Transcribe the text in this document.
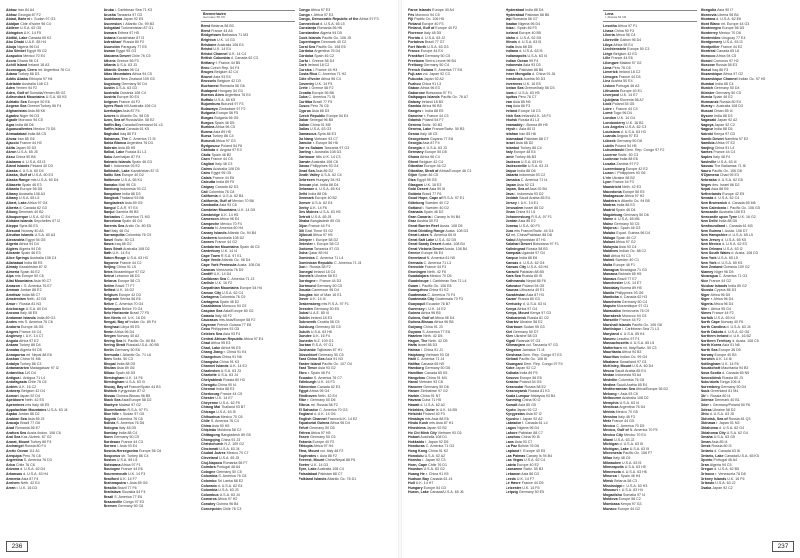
Abhaz Iran 84 A4
Abhaz Georgia 87 F2
Abiad, Bahr el r. Sudan 97 G3
Abidjan Côte d'Ivoire 96 C4
Abilene U.S.A. 62 G5
Abingdon U.K. 14 F5
Abitibi, Lake Canada 65 K2
Abu Dhabi U.A.E. 85 H4
Abuja Nigeria 96 D4
Abu Simbel Egypt 95 G2
Acapulco Mexico 70 E4
Accra Ghana 96 C4
Achill Island Ireland 18 A3
Aconcagua, Cerro mt. Argentina 76 C4
Adana Turkey 86 D3
Addis Ababa Ethiopia 97 H4
Adelaide Australia 108 C3
Aden Yemen 94 F2
Aden, Gulf of Somalia/Yemen 85 G2
Adirondack Mountains U.S.A. 65 K5
Adriatic Sea Europe 50 E6
Aegean Sea Greece/Turkey 56 F4
Afghanistan Asia 85 K6
Agadez Niger 96 D3
Agadir Morocco 94 C5
Agra India 88 D6
Aguascalientes Mexico 70 D5
Ahmadabad India 88 C5
Ahvaz Iran 85 G6
Ajaccio France 44 H3
Akita Japan 92 D3
Akron U.S.A. 65 J5
Aksu China 90 B6
Alabama d. U.S.A. 63 I3
Åland Islands Finland 40 D3
Alaska d. U.S.A. 60 D4
Alaska, Gulf of U.S.A. 60 E3
Alaska Range mts U.S.A. 60 D4
Albacete Spain 46 E3
Albania Europe 56 D5
Albany Australia 108 A3
Albany U.S.A. 65 L5
Albert, Lake Africa 97 G4
Alberta d. Canada 62 G3
Ålborg Denmark 40 B2
Albuquerque U.S.A. 62 E4
Aldabra Islands Seychelles 97 I2
Aleppo Syria 86 E3
Ålesund Norway 40 A3
Aleutian Islands U.S.A. 60 A3
Alexandria Egypt 94 G5
Algeria Africa 94 D4
Algiers Algeria 94 D5
Alicante Spain 46 E3
Alice Springs Australia 108 C4
Allahabad India 88 E5
Almaty Kazakhstan 87 I2
Almería Spain 46 E2
Alps mts Europe 50 C6
Altai Mountains Asia 90 C7
Amazon r. S. America 76 E7
Amman Jordan 86 E2
Amritsar India 88 C7
Amsterdam Neth. 42 D5
Amur r. Russia 81 N3
Anchorage U.S.A. 60 D4
Ancona Italy 48 E5
Andaman Islands India 89 G3
Andes mts S. America 76 C6
Andorra Europe 46 G5
Angers France 44 C4
Anglesey i. U.K. 14 C7
Angola Africa 97 E2
Ankara Turkey 86 D4
Annaba Algeria 94 D5
Annapurna mt. Nepal 88 E6
Anshan China 91 M6
Antalya Turkey 86 C3
Antananarivo Madagascar 97 I2
Antarctica 110 D4
Antigua i. Antigua 71 L4
Antofagasta Chile 76 C5
Antrim U.K. 16 C2
Antwerp Belgium 42 D4
Aomori Japan 92 D4
Apeldoorn Neth. 42 E5
Apennines mts Italy 48 E5
Appalachian Mountains U.S.A. 63 J4
Aqaba Jordan 86 D2
Arabian Sea Asia 85 J3
Aracaju Brazil 77 G6
Arad Romania 56 E7
Arafura Sea Austa./Indon. 108 C6
Aral Sea Kaz./Uzbek. 87 G2
Ararat, Mount Turkey 86 F4
Archangel Russia 80 F4
Arctic Ocean 111 A1
Arequipa Peru 76 C6
Argentina S. America 76 D3
Arica Chile 76 C6
Arizona d. U.S.A. 62 D4
Arkansas d. U.S.A. 63 H4
Armenia Asia 87 F4
Arnhem Neth. 42 E4
Arran i. U.K. 16 D3
Aruba i. Caribbean Sea 71 K3
Arusha Tanzania 97 G3
Asahikawa Japan 92 E5
Ascension i. Atlantic Oc. 99 B3
Ashgabat Turkmenistan 87 G1
Asmara Eritrea 97 H5
Astana Kazakhstan 87 I3
Astrakhan' Russia 80 F2
Asunción Paraguay 77 E5
Aswan Egypt 95 G3
Atacama Desert Chile 76 C5
Athens Greece 56 F3
Atlanta U.S.A. 63 J3
Atlantic Ocean 98 C4
Atlas Mountains Africa 94 C5
Auckland New Zealand 109 G3
Augsburg Germany 50 D4
Austin U.S.A. 63 G3
Australia Oceania 108 C4
Austria Europe 50 E4
Avignon France 44 F2
Ayers Rock hill Australia 108 C4
Azerbaijan Asia 87 F4
Azores is Atlantic Oc. 98 D5
Azov, Sea of Russia/Ukr. 58 E2
Baffin Bay Canada/Greenland 61 L5
Baffin Island Canada 61 K5
Baghdad Iraq 86 F3
Bahamas, The C. America 71 I5
Bahía Blanca Argentina 76 D3
Bahrain Asia 85 H5
Baikal, Lake Russia 81 L3
Baku Azerbaijan 87 F4
Balearic Islands Spain 46 G3
Bali i. Indonesia 93 E2
Balkhash, Lake Kazakhstan 87 I3
Baltic Sea Europe 40 D2
Baltimore U.S.A. 65 K4
Bamako Mali 96 C5
Bandung Indonesia 93 C2
Bangalore India 88 D3
Bangkok Thailand 93 B6
Bangladesh Asia 89 G5
Bangui C.A.R. 97 E4
Banjul Gambia 96 B5
Barbados C. America 71 M3
Barcelona Spain 46 G4
Barents Sea Arctic Oc. 80 E5
Bari Italy 48 G4
Barranquilla Colombia 76 C9
Basel Switz. 50 C3
Basra Iraq 86 G2
Bass Strait Australia 108 D2
Bath U.K. 14 E4
Baton Rouge U.S.A. 63 H3
Bayonne France 44 C2
Beijing China 91 L5
Beira Mozambique 97 G2
Beirut Lebanon 86 D3
Belarus Europe 58 C3
Belém Brazil 77 F7
Belfast U.K. 16 D2
Belgium Europe 42 D3
Belgrade Serbia 56 E6
Belize C. America 70 G4
Belmopan Belize 70 G4
Belo Horizonte Brazil 77 F5
Ben Nevis mt. U.K. 16 D5
Bengal, Bay of Indian Oc. 89 F4
Benghazi Libya 95 E5
Benin Africa 96 D4
Bergen Norway 40 A3
Bering Sea N. Pacific Oc. 60 B4
Bering Strait Russia/U.S.A. 60 B5
Berlin Germany 50 E6
Bermuda i. Atlantic Oc. 71 L6
Bern Switz. 50 C3
Bhopal India 88 D5
Bhutan Asia 89 G6
Bilbao Spain 46 D5
Birmingham U.K. 14 F6
Birmingham U.S.A. 63 I3
Biscay, Bay of France/Spain 44 B3
Bishkek Kyrgyzstan 87 I2
Bissau Guinea-Bissau 96 B5
Black Sea Asia/Europe 58 D2
Blantyre Malawi 97 G2
Bloemfontein R.S.A. 97 F1
Blue Nile r. Sudan 97 G5
Bogotá Colombia 76 C8
Bolivia S. America 76 D6
Bologna Italy 48 D5
Bombay India 88 C4
Bonn Germany 50 C5
Bordeaux France 44 C3
Borneo i. Asia 93 E4
Bosnia-Herzegovina Europe 56 C6
Bosporus str. Turkey 86 C4
Boston U.S.A. 65 L5
Botswana Africa 97 F1
Boulogne France 44 E6
Bournemouth U.K. 14 F3
Bradford U.K. 14 F7
Brahmaputra r. Asia 89 G6
Brasília Brazil 77 F6
Bratislava Slovakia 54 F4
Brazil S. America 77 E6
Brazzaville Congo 97 E3
Bremen Germany 50 C6
Bremerhaven
Germany 50 C6
Brest Belarus 58 B3
Brest France 44 A5
Bridgetown Barbados 71 M3
Brighton U.K. 14 G3
Brisbane Australia 108 E4
Bristol U.K. 14 E4
Bristol Channel U.K. 14 C4
British Columbia d. Canada 62 C3
Brittany f. France 44 B5
Brno Czech Rep. 54 F4
Bruges Belgium 42 C4
Brunei Asia 93 E4
Brussels Belgium 42 D3
Bucharest Romania 56 G6
Budapest Hungary 54 G3
Buenos Aires Argentina 76 E4
Buffalo U.S.A. 65 K5
Bujumbura Burundi 97 F3
Bulawayo Zimbabwe 97 F2
Bulgaria Europe 56 F5
Burgas Bulgaria 56 G5
Burgos Spain 46 D5
Burkina Africa 96 C5
Burma Asia 89 H5
Bursa Turkey 86 C4
Burundi Africa 97 G3
Bydgoszcz Poland 54 F6
Cabinda d. Angola 97 E3
Cádiz Spain 46 B2
Caen France 44 C5
Cagliari Italy 48 C3
Cairns Australia 108 D5
Cairo Egypt 95 G5
Calais France 44 E6
Calcutta India 89 F5
Calgary Canada 62 D3
Cali Colombia 76 C8
California d. U.S.A. 62 B4
California, Gulf of Mexico 70 B6
Cambodia Asia 93 C6
Cambrian Mountains U.K. 14 D5
Cambridge U.K. 14 H5
Cameroon Africa 96 E4
Campeche Mexico 70 F4
Canada N. America 60 H4
Canary Islands Atlantic Oc. 94 B4
Canberra Australia 108 D2
Cannes France 44 G2
Cantabrian Mountains Spain 46 C5
Canterbury U.K. 14 I4
Cape Town R.S.A. 97 E1
Cape Verde Atlantic Oc. 98 D4
Cape York Peninsula Austa. 108 D6
Caracas Venezuela 76 D9
Cardiff U.K. 14 D4
Caribbean Sea C. America 71 J3
Carlisle U.K. 16 F2
Carpathian Mountains Europe 54 H4
Carson City U.S.A. 62 C4
Cartagena Colombia 76 C9
Cartagena Spain 46 E2
Casablanca Morocco 94 C5
Caspian Sea Asia/Europe 80 G2
Catania Italy 48 F2
Caucasus mts Asia/Europe 58 F2
Cayenne French Guiana 77 E8
Cebu Philippines 93 G5
Celebes Sea Asia 93 F4
Central African Republic Africa 97 E4
Chad Africa 95 E3
Chad, Lake Africa 96 E5
Chang Jiang r. China 91 K4
Changchun China 91 N6
Changsha China 91 K3
Channel Islands U.K. 14 E2
Charleston U.S.A. 63 J3
Charlotte U.S.A. 63 J4
Chelyabinsk Russia 80 H3
Chengdu China 90 I4
Chennai India 88 E3
Cherbourg France 44 C5
Chester U.K. 14 E7
Cheyenne U.S.A. 62 F5
Chiang Mai Thailand 93 B7
Chicago U.S.A. 63 I5
Chihuahua Mexico 70 C6
Chile S. America 76 C4
China Asia 90 H5
Chişinău Moldova 58 C2
Chittagong Bangladesh 89 G5
Chongqing China 91 J3
Christchurch N.Z. 109 G2
Cincinnati U.S.A. 63 J4
Ciudad Juárez Mexico 70 C7
Cleveland U.S.A. 65 J5
Cluj-Napoca Romania 56 F7
Coimbra Portugal 46 A4
Cologne Germany 50 C5
Colombia S. America 76 C8
Colombo Sri Lanka 88 E2
Colorado d. U.S.A. 62 E4
Columbia U.S.A. 63 J3
Columbus U.S.A. 63 J4
Comoros Africa 97 H2
Conakry Guinea 96 B4
Concepción Chile 76 C3
Congo Africa 97 E3
Congo r. Africa 97 E3
Congo, Democratic Republic of the Africa 97 F3
Connecticut d. U.S.A. 65 L5
Constanţa Romania 56 H6
Constantine Algeria 94 D5
Cook Islands Pacific Oc. 106 J5
Copenhagen Denmark 40 C2
Coral Sea Pacific Oc. 108 E5
Córdoba Argentina 76 D4
Córdoba Spain 46 C2
Corfu i. Greece 56 D4
Cork Ireland 18 C2
Corsica i. France 44 H3
Costa Rica C. America 71 H2
Côte d'Ivoire Africa 96 C4
Coventry U.K. 14 F5
Crete i. Greece 56 F2
Croatia Europe 56 B6
Cuba C. America 71 I5
Curitiba Brazil 77 F5
Cusco Peru 76 C6
Cyprus Asia 86 D3
Czech Republic Europe 54 E4
Dakar Senegal 96 B5
Dalian China 91 M5
Dallas U.S.A. 63 G3
Damascus Syria 86 E3
Da Nang Vietnam 93 C7
Danube r. Europe 56 H6
Dar es Salaam Tanzania 97 G3
Darling r. Australia 108 D3
Dartmoor hills U.K. 14 C3
Darwin Australia 108 C6
Davao Philippines 93 G4
Dead Sea Asia 86 D2
Death Valley U.S.A. 62 C4
Debrecen Hungary 54 H3
Deccan plat. India 88 D4
Delaware d. U.S.A. 65 K4
Delhi India 88 D6
Denmark Europe 40 B2
Denver U.S.A. 62 E4
Derby U.K. 14 F6
Des Moines U.S.A. 63 H5
Detroit U.S.A. 65 J5
Dhaka Bangladesh 89 G5
Dijon France 44 F4
Dili East Timor 93 G2
Djibouti Africa 97 H5
Dnieper r. Europe 58 D2
Dniester r. Europe 58 C2
Dodoma Tanzania 97 G3
Doha Qatar 85 H4
Dominica C. America 71 L4
Dominican Republic C. America 71 J4
Don r. Russia 58 F2
Donegal Ireland 18 C4
Donets'k Ukraine 58 E2
Dordogne r. France 44 D3
Dortmund Germany 50 C5
Douala Cameroon 96 D4
Douglas Isle of Man 16 E1
Dover U.K. 14 I4
Drakensberg mts R.S.A. 97 F1
Dresden Germany 50 E5
Dubai U.A.E. 85 I4
Dublin Ireland 18 E3
Dubrovnik Croatia 56 C5
Duisburg Germany 50 C5
Duluth U.S.A. 63 H6
Dundee U.K. 16 F4
Dunedin N.Z. 109 G1
Durban R.S.A. 97 G1
Dushanbe Tajikistan 87 H1
Düsseldorf Germany 50 C5
East China Sea Asia 91 N3
Easter Island Pacific Oc. 107 O4
East Timor Asia 93 G2
Ebro r. Spain 46 F4
Ecuador S. America 76 C7
Edinburgh U.K. 16 F3
Edmonton Canada 62 E3
Egypt Africa 95 G4
Eindhoven Neth. 42 E4
Elbe r. Germany 50 D6
Elbrus mt. Russia 58 F2
El Salvador C. America 70 G3
England d. U.K. 14 G6
English Channel France/U.K. 14 E2
Equatorial Guinea Africa 96 D4
Erfurt Germany 50 D5
Eritrea Africa 97 H5
Essen Germany 50 C5
Estonia Europe 40 F2
Ethiopia Africa 97 H4
Etna, Mount vol. Italy 48 F2
Euphrates r. Asia 86 F2
Everest, Mount China/Nepal 88 F6
Exeter U.K. 14 D3
Eyre, Lake Australia 108 C4
Faisalabad Pakistan 88 C7
Falkland Islands Atlantic Oc. 76 D1
236
Faroe Islands Europe 40 A4
Fès Morocco 94 C5
Fiji Pacific Oc. 106 H5
Finland Europe 40 F3
Finland, Gulf of Europe 40 F2
Florence Italy 48 D5
Florida d. U.S.A. 63 J2
Fortaleza Brazil 77 G7
Fort Worth U.S.A. 63 G3
France Europe 44 E4
Frankfurt Germany 50 C5
Freetown Sierra Leone 96 B4
Freiburg Germany 50 C4
French Guiana S. America 77 E8
Fuji-san vol. Japan 92 C3
Fukuoka Japan 92 A2
Fuzhou China 91 L3
Gabon Africa 96 E3
Gaborone Botswana 97 F1
Galápagos Islands Pacific Oc. 76 A7
Galway Ireland 18 B3
Gambia Africa 96 B5
Ganges r. India 88 E5
Garonne r. France 44 C3
Gdańsk Poland 54 F7
Geneva Switz. 50 B3
Geneva, Lake France/Switz. 50 B3
Genoa Italy 48 C5
Georgetown Guyana 77 E8
Georgia Asia 87 F4
Georgia d. U.S.A. 63 J3
Germany Europe 50 D5
Ghana Africa 96 C4
Ghent Belgium 42 C4
Gibraltar Europe 46 C2
Gibraltar, Strait of Africa/Europe 46 C1
Gijón Spain 46 C5
Giza Egypt 95 G5
Glasgow U.K. 16 E3
Gobi Desert Asia 90 I6
Goiânia Brazil 77 F6
Good Hope, Cape of R.S.A. 97 E1
Göteborg Sweden 40 C2
Gotland i. Sweden 40 D2
Granada Spain 46 D2
Gran Canaria i. Canary Is 94 B4
Graz Austria 50 F3
Great Barrier Reef Austa. 108 D5
Great Dividing Range Austa. 108 D3
Great Lakes N. America 65 I5
Great Salt Lake U.S.A. 62 D5
Great Sandy Desert Austa. 108 B4
Great Victoria Desert Austa. 108 B4
Greece Europe 56 E4
Greenland N. America 61 N5
Grenada C. America 71 L3
Grenoble France 44 F3
Groningen Neth. 42 F6
Guadalajara Mexico 70 D5
Guadeloupe i. Caribbean Sea 71 L4
Guam i. Pacific Oc. 106 E8
Guangzhou China 91 K2
Guatemala C. America 70 F4
Guatemala City Guatemala 70 F3
Guayaquil Ecuador 76 B7
Guernsey i. U.K. 14 E2
Guinea Africa 96 B5
Guinea, Gulf of Africa 96 D4
Guinea-Bissau Africa 96 B5
Guiyang China 91 J3
Guyana S. America 77 E8
Haarlem Neth. 42 D5
Hague, The Neth. 42 D5
Haifa Israel 86 D3
Hainan i. China 91 J1
Haiphong Vietnam 93 C8
Haiti C. America 71 J4
Halifax Canada 65 N5
Hamburg Germany 50 D6
Hamilton Canada 65 K5
Hangzhou China 91 M4
Hanoi Vietnam 93 C8
Hanover Germany 50 D6
Harare Zimbabwe 97 G2
Harbin China 91 N7
Havana Cuba 71 H5
Hawaii d. U.S.A. 62 A2
Hebrides, Outer is U.K. 16 B5
Helsinki Finland 40 F3
Himalaya mts Asia 88 E6
Hindu Kush mts Asia 87 H1
Hiroshima Japan 92 B2
Ho Chi Minh City Vietnam 93 C6
Hobart Australia 108 D1
Hokkaido i. Japan 92 D5
Honduras C. America 71 G3
Hong Kong China 91 K2
Honolulu U.S.A. 62 A2
Honshu i. Japan 92 C3
Horn, Cape Chile 76 D1
Houston U.S.A. 63 G2
Huang He r. China 91 K5
Hudson Bay Canada 61 J4
Hull U.K. 14 H7
Hungary Europe 54 G3
Huron, Lake Canada/U.S.A. 65 J6
Hyderabad India 88 D4
Hyderabad Pakistan 88 B6
Iaşi Romania 56 G7
Ibadan Nigeria 96 D4
Ibiza i. Spain 46 F3
Iceland Europe 40 B5
Idaho d. U.S.A. 62 D5
Illinois d. U.S.A. 63 I5
India Asia 88 D5
Indiana d. U.S.A. 63 I5
Indianapolis U.S.A. 63 I4
Indian Ocean 99 F4
Indonesia Asia 93 D3
Indus r. Pakistan 88 B6
Inner Mongolia d. China 91 J6
Innsbruck Austria 50 D3
Inverness U.K. 16 E5
Ionian Sea Greece/Italy 56 D3
Iowa d. U.S.A. 63 H5
Iquitos Peru 76 C7
Iran Asia 85 H6
Iraq Asia 86 F3
Ireland Europe 18 C3
Irish Sea Ireland/U.K. 18 F3
Irkutsk Russia 81 L3
Irrawaddy r. Burma 89 H5
Irtysh r. Asia 80 I3
Isfahan Iran 85 H6
Islamabad Pakistan 88 C7
Israel Asia 86 D2
Istanbul Turkey 86 C4
Italy Europe 48 E4
Izmir Turkey 86 B3
Jackson U.S.A. 63 H3
Jacksonville U.S.A. 63 J3
Jaipur India 88 D6
Jakarta Indonesia 93 C2
Jamaica C. America 71 I4
Japan Asia 92 C3
Japan, Sea of Asia 92 B4
Java i. Indonesia 93 D2
Jeddah Saudi Arabia 85 E4
Jersey i. U.K. 14 E1
Jerusalem Israel 86 D2
Jinan China 91 L5
Johannesburg R.S.A. 97 F1
Jordan Asia 86 E2
Juneau U.S.A. 60 F3
Jura mts France/Switz. 44 G4
K2 mt. China/Pakistan 88 D8
Kabul Afghanistan 87 H1
Kalahari Desert Botswana 97 F1
Kaliningrad Russia 58 B3
Kampala Uganda 97 G4
Kanpur India 88 E6
Kansas d. U.S.A. 62 G4
Kansas City U.S.A. 63 H4
Karachi Pakistan 88 B5
Kara Sea Russia 80 I5
Kathmandu Nepal 88 F6
Katowice Poland 54 G5
Kaunas Lithuania 40 E1
Kazakhstan Asia 87 H3
Kazan' Russia 80 G3
Kentucky d. U.S.A. 63 I4
Kenya Africa 97 G4
Kenya, Mount Kenya 97 G3
Khabarovsk Russia 81 O2
Kharkiv Ukraine 58 E2
Khartoum Sudan 95 G3
Kiel Germany 50 D7
Kiev Ukraine 58 D3
Kigali Rwanda 97 G3
Kilimanjaro vol. Tanzania 97 G3
Kingston Jamaica 71 I4
Kinshasa Dem. Rep. Congo 97 E3
Kiribati Pacific Oc. 106 I6
Kisangani Dem. Rep. Congo 97 F4
Kobe Japan 92 C2
Kolkata India 89 F5
Kosovo Europe 56 E5
Kraków Poland 54 G5
Krasnodar Russia 58 E2
Krasnoyarsk Russia 81 K3
Kuala Lumpur Malaysia 93 B4
Kunming China 90 I2
Kuwait Asia 85 G5
Kyoto Japan 92 C2
Kyrgyzstan Asia 87 I2
Kyushu i. Japan 92 A2
Labrador f. Canada 61 L4
Lagos Nigeria 96 D4
Lahore Pakistan 88 C7
Lanzhou China 90 I5
Laos Asia 93 C7
La Paz Bolivia 76 D6
Lapland f. Europe 40 E5
Las Palmas Canary Is 94 B4
Las Vegas U.S.A. 62 C4
Latvia Europe 40 E2
Lausanne Switz. 50 B3
Lebanon Asia 86 D3
Leeds U.K. 14 F7
Le Havre France 44 D5
Leicester U.K. 14 F5
Leipzig Germany 50 E5
Lena
r. Russia 81 N4
Lesotho Africa 97 F1
Lhasa China 90 F3
Liberia Africa 96 C4
Libreville Gabon 96 D4
Libya Africa 95 E4
Liechtenstein Europe 50 C3
Liège Belgium 42 E3
Lille France 44 E6
Lilongwe Malawi 97 G2
Lima Peru 76 C6
Limerick Ireland 18 C2
Limoges France 44 D3
Linz Austria 50 E4
Lisbon Portugal 46 A3
Lithuania Europe 40 E1
Liverpool U.K. 14 E7
Ljubljana Slovenia 56 A7
Łódź Poland 54 G5
Loire r. France 44 C4
Lomé Togo 96 D4
London U.K. 14 G4
Londonderry U.K. 16 B2
Los Angeles U.S.A. 62 C3
Louisiana d. U.S.A. 63 H3
Luanda Angola 97 E3
Lübeck Germany 50 D6
Lublin Poland 54 H5
Lubumbashi Dem. Rep. Congo 97 F2
Lucerne Switz. 50 C3
Lucknow India 88 E6
Lusaka Zambia 97 F2
Luxembourg Europe 42 E2
Luzon i. Philippines 93 G6
L'viv Ukraine 58 B2
Lyon France 44 F3
Maastricht Neth. 42 E3
Macedonia Europe 56 E5
Madagascar Africa 97 H2
Madeira is Atlantic Oc. 94 B5
Madras India 88 E3
Madrid Spain 46 D4
Magdeburg Germany 50 D6
Maine d. U.S.A. 65 M6
Mainz Germany 50 C5
Majorca i. Spain 46 G3
Malabo Equat. Guinea 96 D4
Málaga Spain 46 C2
Malawi Africa 97 G2
Malaysia Asia 93 C4
Maldives Indian Oc. 88 C2
Mali Africa 94 C3
Malmö Sweden 40 C1
Malta Europe 48 F1
Managua Nicaragua 71 G3
Manama Bahrain 85 H5
Manaus Brazil 77 E7
Manchester U.K. 14 E7
Mandalay Burma 89 H5
Manila Philippines 93 G6
Manitoba d. Canada 62 H3
Mannheim Germany 50 C4
Maputo Mozambique 97 G1
Maracaibo Venezuela 76 C9
Marrakesh Morocco 94 C5
Marseille France 44 F2
Marshall Islands Pacific Oc. 106 G8
Martinique i. Caribbean Sea 71 L3
Maryland d. U.S.A. 65 K4
Maseru Lesotho 97 F1
Massachusetts d. U.S.A. 65 L5
Matterhorn mt. Italy/Switz. 50 C3
Mauritania Africa 94 B3
Mauritius Indian Oc. 99 G4
Mbabane Swaziland 97 G1
McKinley, Mount U.S.A. 60 D4
Mecca Saudi Arabia 85 E4
Medan Indonesia 93 A4
Medellín Colombia 76 C8
Medina Saudi Arabia 85 E4
Mediterranean Sea Africa/Europe 36 D2
Mekong r. Asia 93 C6
Melbourne Australia 108 D2
Memphis U.S.A. 63 I4
Mendoza Argentina 76 D4
Mérida Mexico 70 G5
Messina Italy 48 F3
Metz France 44 G5
Mexico C. America 70 D5
Mexico, Gulf of N. America 70 F5
Mexico City Mexico 70 E4
Miami U.S.A. 63 J2
Michigan d. U.S.A. 63 I5
Michigan, Lake U.S.A. 63 I5
Micronesia Pacific Oc. 106 F7
Milan Italy 48 C6
Milwaukee U.S.A. 63 I5
Minneapolis U.S.A. 63 H5
Minnesota d. U.S.A. 63 H6
Minorca i. Spain 46 H4
Minsk Belarus 58 C3
Mississippi r. U.S.A. 63 H3
Missouri r. U.S.A. 63 H4
Mogadishu Somalia 97 I4
Moldova Europe 58 C2
Mombasa Kenya 97 G3
Monaco Europe 44 G2
Mongolia Asia 90 I7
Monrovia Liberia 96 B4
Montana d. U.S.A. 62 E6
Mont Blanc mt. Europe 44 G3
Montenegro Europe 56 D5
Monterrey Mexico 70 D6
Montevideo Uruguay 77 E4
Montgomery U.S.A. 63 I3
Montpellier France 44 E2
Montréal Canada 65 L6
Morocco Africa 94 C5
Moroni Comoros 97 H2
Moscow Russia 58 E3
Mosul Iraq 86 F3
Mozambique Africa 97 G2
Mozambique Channel Indian Oc. 97 H2
Mumbai India 88 C4
Munich Germany 50 D4
Münster Germany 50 C5
Murcia Spain 46 E2
Murmansk Russia 80 E4
Murray r. Australia 108 D3
Muscat Oman 85 I4
Mysore India 88 D3
Nagasaki Japan 92 A2
Nagoya Japan 92 C2
Nagpur India 88 D5
Nairobi Kenya 97 G3
Namib Desert Namibia 97 E2
Namibia Africa 97 E2
Nanjing China 91 L4
Nantes France 44 C4
Naples Italy 48 F4
Nashville U.S.A. 63 I4
Nassau The Bahamas 71 I6
Nauru Pacific Oc. 106 G6
N'Djamena Chad 95 E3
Nebraska d. U.S.A. 62 G5
Negev des. Israel 86 D2
Nepal Asia 88 E6
Netherlands Europe 42 E5
Nevada d. U.S.A. 62 C4
New Brunswick d. Canada 65 M6
New Caledonia i. Pacific Oc. 106 G5
Newcastle Australia 108 E3
Newcastle upon Tyne U.K. 16 G2
New Delhi India 88 D6
Newfoundland i. Canada 61 M3
New Guinea i. Austa. 108 D7
New Hampshire d. U.S.A. 65 L5
New Jersey d. U.S.A. 65 K5
New Mexico d. U.S.A. 62 E3
New Orleans U.S.A. 63 I2
New South Wales d. Austa. 108 D3
New York U.S.A. 65 L5
New York d. U.S.A. 65 K5
New Zealand Oceania 109 G2
Niamey Niger 96 D5
Nicaragua C. America 71 G3
Nice France 44 G2
Nicobar Islands India 89 G2
Nicosia Cyprus 86 D3
Niger Africa 96 D5
Niger r. Africa 96 D4
Nigeria Africa 96 D4
Nile r. Africa 95 G4
Nîmes France 44 F2
Norfolk U.S.A. 65 K4
North Cape Norway 40 F6
North Carolina d. U.S.A. 63 J4
North Dakota d. U.S.A. 62 G6
Northern Ireland d. U.K. 16 B2
Northern Territory d. Austa. 108 C5
North Korea Asia 91 N6
North Sea Europe 36 D5
Norway Europe 40 B3
Norwich U.K. 14 I6
Nottingham U.K. 14 F6
Nouakchott Mauritania 94 B3
Nova Scotia d. Canada 65 N5
Novosibirsk Russia 80 J3
Nuku'alofa Tonga 106 I4
Nuremberg Germany 50 D4
Nuuk Greenland 61 M4
Ob' r. Russia 80 I4
Odense Denmark 40 B1
Oder r. Germany/Poland 50 F6
Odesa Ukraine 58 D2
Ohio d. U.S.A. 63 J5
Okhotsk, Sea of Russia 81 Q3
Okinawa i. Japan 91 N3
Oklahoma d. U.S.A. 62 G4
Oklahoma City U.S.A. 62 G4
Omaha U.S.A. 63 G5
Oman Asia 85 I4
Omsk Russia 80 I3
Ontario d. Canada 63 I6
Ontario, Lake Canada/U.S.A. 65 K5
Oporto Portugal 46 A4
Oran Algeria 94 C5
Oregon d. U.S.A. 62 B5
Orinoco r. Venezuela 76 D8
Orkney Islands U.K. 16 F6
Orlando U.S.A. 63 J2
Osaka Japan 92 C2
237
